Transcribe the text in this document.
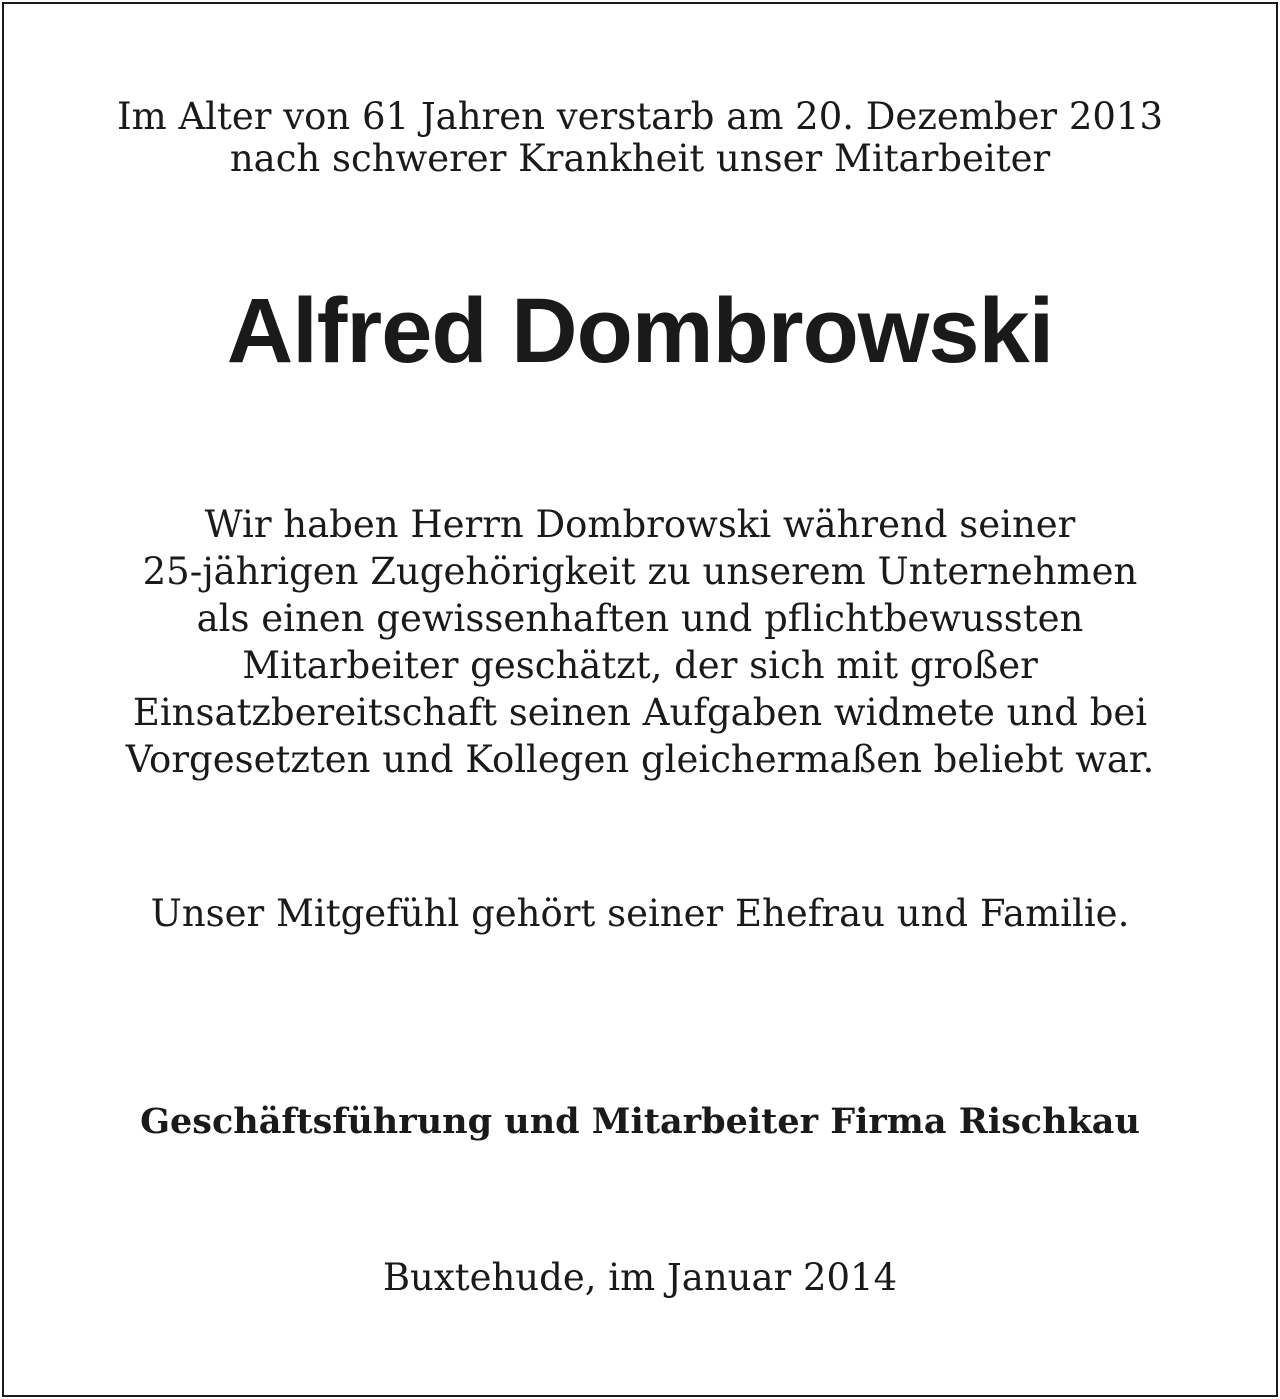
Im Alter von 61 Jahren verstarb am 20. Dezember 2013
nach schwerer Krankheit unser Mitarbeiter
Alfred Dombrowski
Wir haben Herrn Dombrowski während seiner
25-jährigen Zugehörigkeit zu unserem Unternehmen
als einen gewissenhaften und pflichtbewussten
Mitarbeiter geschätzt, der sich mit großer
Einsatzbereitschaft seinen Aufgaben widmete und bei
Vorgesetzten und Kollegen gleichermaßen beliebt war.
Unser Mitgefühl gehört seiner Ehefrau und Familie.
Geschäftsführung und Mitarbeiter Firma Rischkau
Buxtehude, im Januar 2014
